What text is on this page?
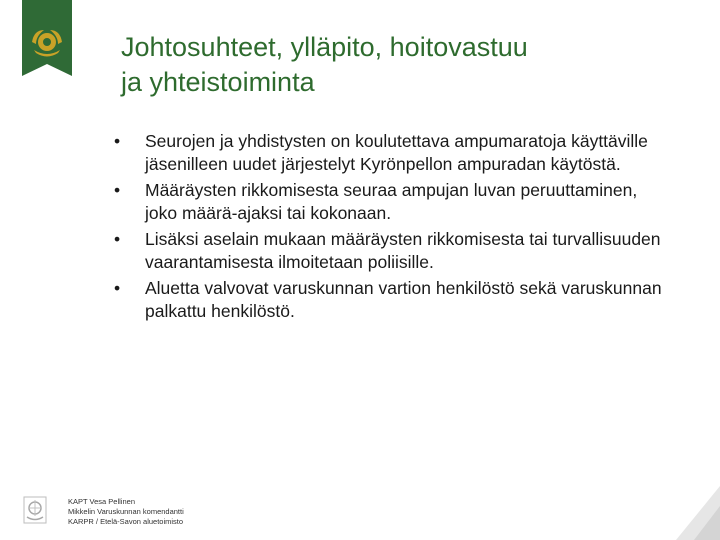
Johtosuhteet, ylläpito, hoitovastuu
ja yhteistoiminta
• Seurojen ja yhdistysten on koulutettava ampumaratoja käyttäville jäsenilleen uudet järjestelyt Kyrönpellon ampuradan käytöstä.
• Määräysten rikkomisesta seuraa ampujan luvan peruuttaminen, joko määrä-ajaksi tai kokonaan.
• Lisäksi aselain mukaan määräysten rikkomisesta tai turvallisuuden vaarantamisesta ilmoitetaan poliisille.
• Aluetta valvovat varuskunnan vartion henkilöstö sekä varuskunnan palkattu henkilöstö.
KAPT Vesa Pellinen
Mikkelin Varuskunnan komendantti
KARPR / Etelä-Savon aluetoimisto
